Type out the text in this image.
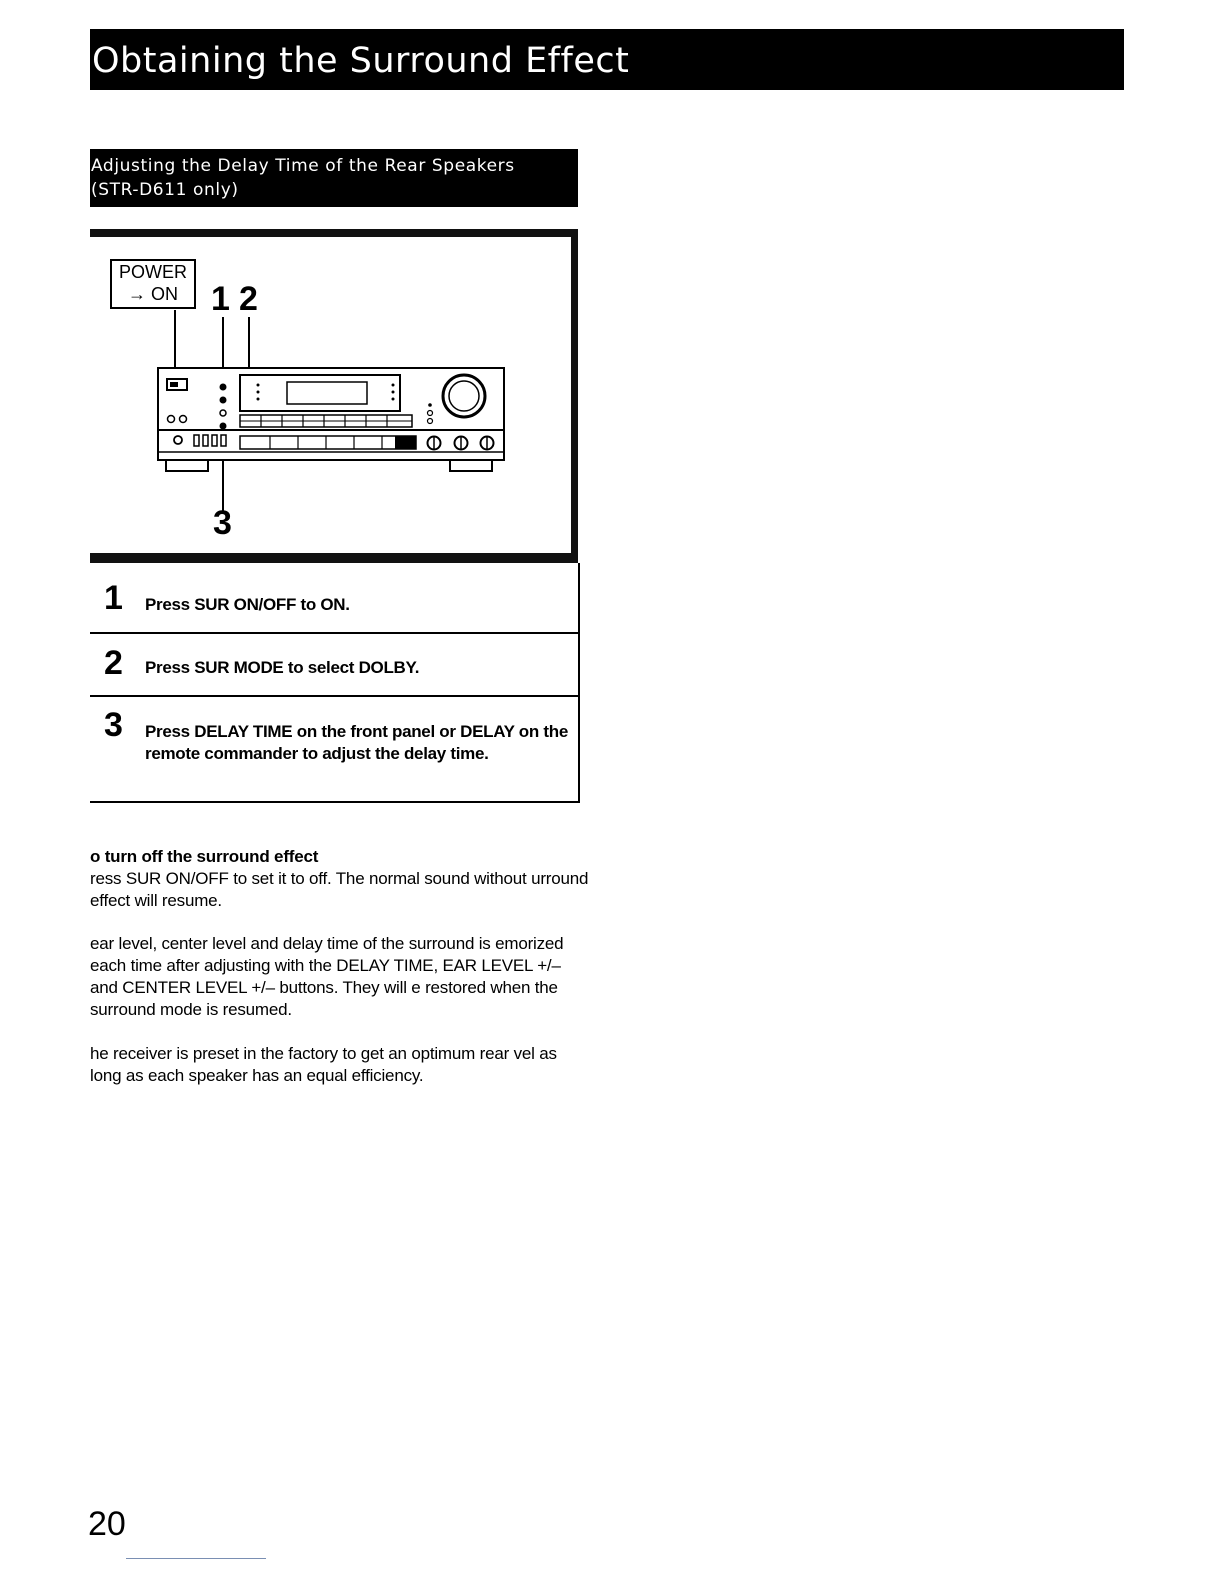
Obtaining the Surround Effect
Adjusting the Delay Time of the Rear Speakers
(STR-D611 only)
POWER
→ ON 1 2
3
1 Press SUR ON/OFF to ON.
2 Press SUR MODE to select DOLBY.
3 Press DELAY TIME on the front panel or DELAY on the remote commander to adjust the delay time.
o turn off the surround effect
ress SUR ON/OFF to set it to off. The normal sound without urround effect will resume.
ear level, center level and delay time of the surround is emorized each time after adjusting with the DELAY TIME, EAR LEVEL +/– and CENTER LEVEL +/– buttons. They will e restored when the surround mode is resumed.
he receiver is preset in the factory to get an optimum rear vel as long as each speaker has an equal efficiency.
20
